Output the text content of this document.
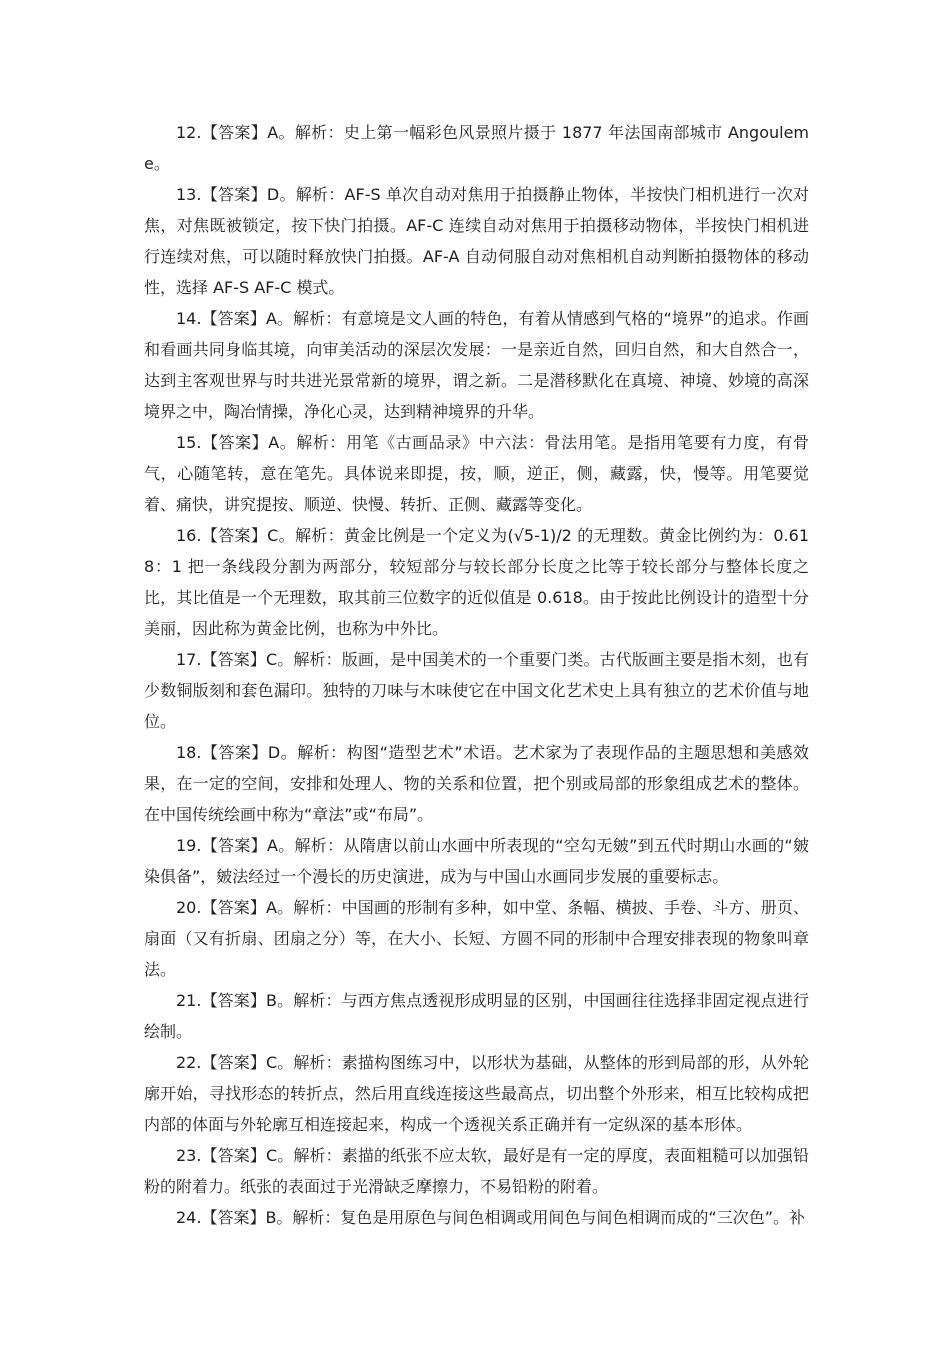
12.【答案】A。解析：史上第一幅彩色风景照片摄于 1877 年法国南部城市 Angouleme。

13.【答案】D。解析：AF-S 单次自动对焦用于拍摄静止物体，半按快门相机进行一次对焦，对焦既被锁定，按下快门拍摄。AF-C 连续自动对焦用于拍摄移动物体，半按快门相机进行连续对焦，可以随时释放快门拍摄。AF-A 自动伺服自动对焦相机自动判断拍摄物体的移动性，选择 AF-S AF-C 模式。

14.【答案】A。解析：有意境是文人画的特色，有着从情感到气格的“境界”的追求。作画和看画共同身临其境，向审美活动的深层次发展：一是亲近自然，回归自然，和大自然合一，达到主客观世界与时共进光景常新的境界，谓之新。二是潜移默化在真境、神境、妙境的高深境界之中，陶冶情操，净化心灵，达到精神境界的升华。

15.【答案】A。解析：用笔《古画品录》中六法：骨法用笔。是指用笔要有力度，有骨气，心随笔转，意在笔先。具体说来即提，按，顺，逆正，侧，藏露，快，慢等。用笔要觉着、痛快，讲究提按、顺逆、快慢、转折、正侧、藏露等变化。

16.【答案】C。解析：黄金比例是一个定义为(√5-1)/2 的无理数。黄金比例约为：0.618：1 把一条线段分割为两部分，较短部分与较长部分长度之比等于较长部分与整体长度之比，其比值是一个无理数，取其前三位数字的近似值是 0.618。由于按此比例设计的造型十分美丽，因此称为黄金比例，也称为中外比。

17.【答案】C。解析：版画，是中国美术的一个重要门类。古代版画主要是指木刻，也有少数铜版刻和套色漏印。独特的刀味与木味使它在中国文化艺术史上具有独立的艺术价值与地位。

18.【答案】D。解析：构图“造型艺术”术语。艺术家为了表现作品的主题思想和美感效果，在一定的空间，安排和处理人、物的关系和位置，把个别或局部的形象组成艺术的整体。在中国传统绘画中称为“章法”或“布局”。

19.【答案】A。解析：从隋唐以前山水画中所表现的“空勾无皴”到五代时期山水画的“皴染俱备”，皴法经过一个漫长的历史演进，成为与中国山水画同步发展的重要标志。

20.【答案】A。解析：中国画的形制有多种，如中堂、条幅、横披、手卷、斗方、册页、扇面（又有折扇、团扇之分）等，在大小、长短、方圆不同的形制中合理安排表现的物象叫章法。

21.【答案】B。解析：与西方焦点透视形成明显的区别，中国画往往选择非固定视点进行绘制。

22.【答案】C。解析：素描构图练习中，以形状为基础，从整体的形到局部的形，从外轮廓开始，寻找形态的转折点，然后用直线连接这些最高点，切出整个外形来，相互比较构成把内部的体面与外轮廓互相连接起来，构成一个透视关系正确并有一定纵深的基本形体。

23.【答案】C。解析：素描的纸张不应太软，最好是有一定的厚度，表面粗糙可以加强铅粉的附着力。纸张的表面过于光滑缺乏摩擦力，不易铅粉的附着。

24.【答案】B。解析：复色是用原色与间色相调或用间色与间色相调而成的“三次色”。补
